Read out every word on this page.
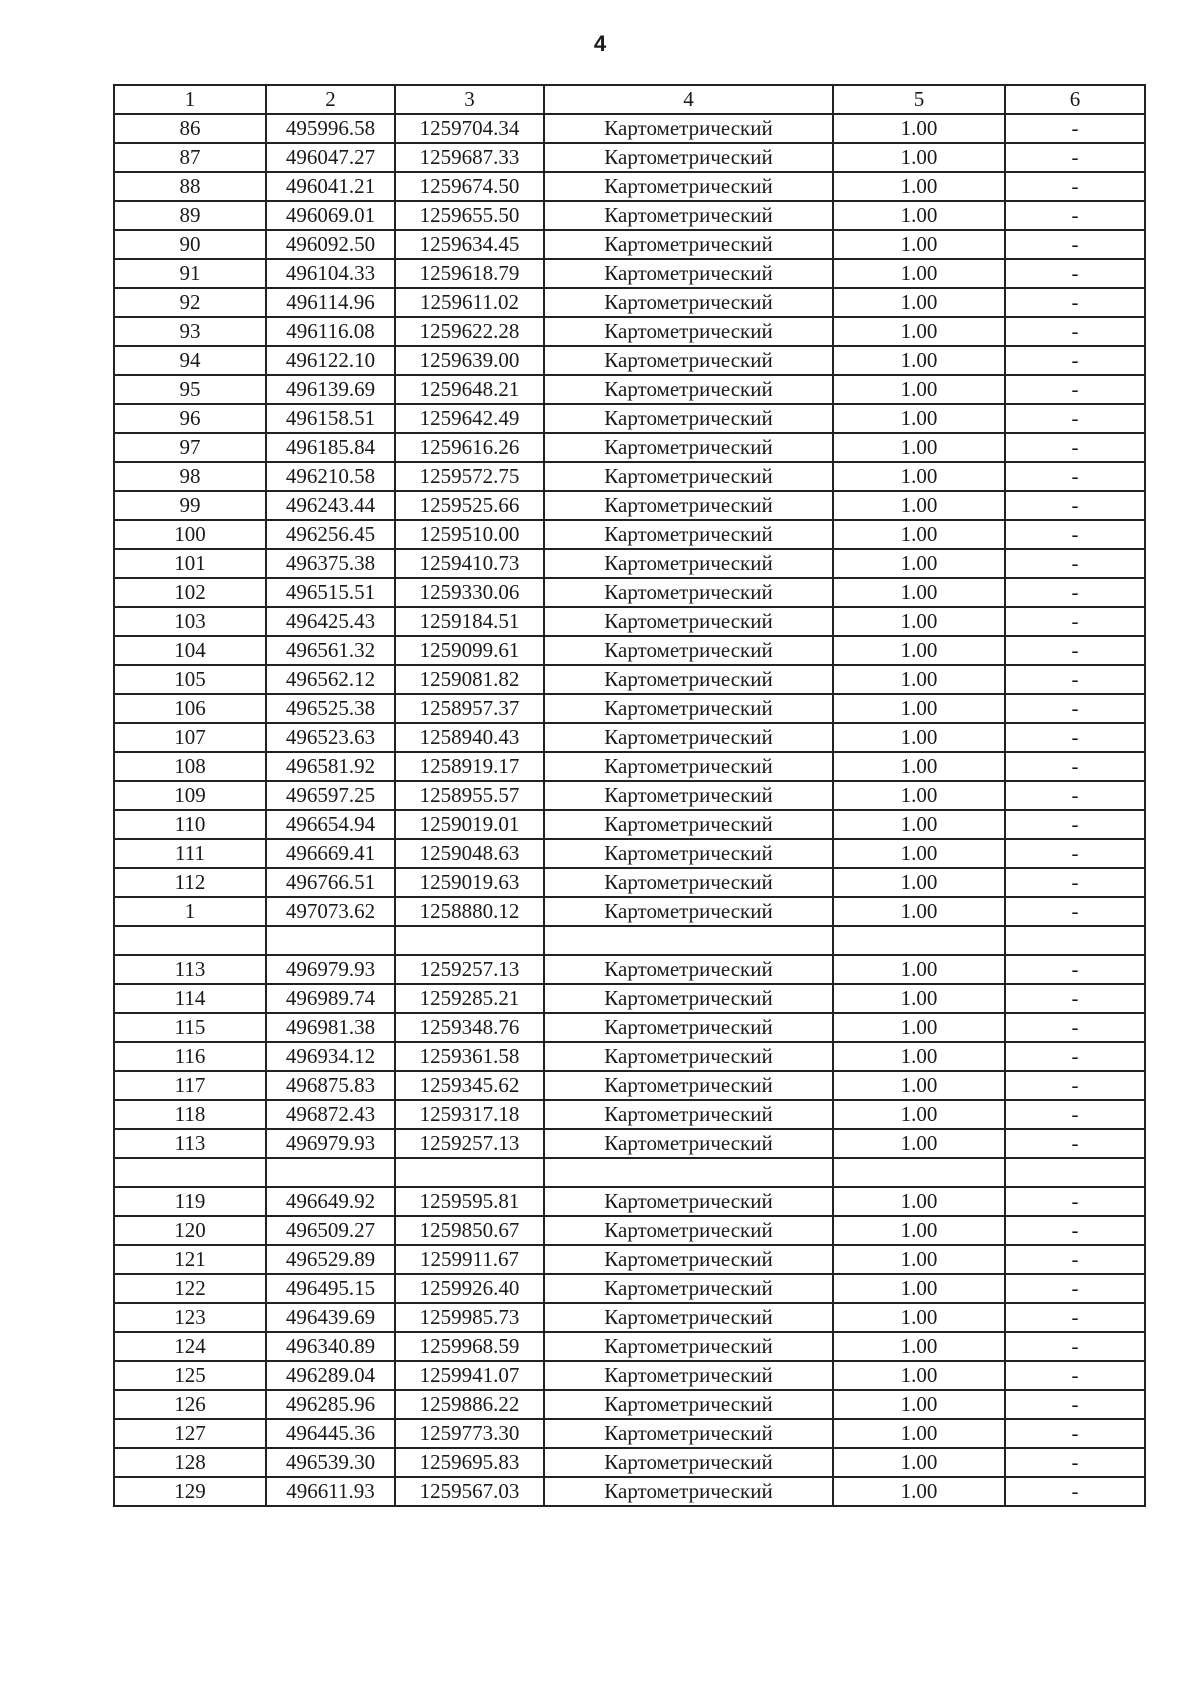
4
1	2	3	4	5	6
86	495996.58	1259704.34	Картометрический	1.00	-
87	496047.27	1259687.33	Картометрический	1.00	-
88	496041.21	1259674.50	Картометрический	1.00	-
89	496069.01	1259655.50	Картометрический	1.00	-
90	496092.50	1259634.45	Картометрический	1.00	-
91	496104.33	1259618.79	Картометрический	1.00	-
92	496114.96	1259611.02	Картометрический	1.00	-
93	496116.08	1259622.28	Картометрический	1.00	-
94	496122.10	1259639.00	Картометрический	1.00	-
95	496139.69	1259648.21	Картометрический	1.00	-
96	496158.51	1259642.49	Картометрический	1.00	-
97	496185.84	1259616.26	Картометрический	1.00	-
98	496210.58	1259572.75	Картометрический	1.00	-
99	496243.44	1259525.66	Картометрический	1.00	-
100	496256.45	1259510.00	Картометрический	1.00	-
101	496375.38	1259410.73	Картометрический	1.00	-
102	496515.51	1259330.06	Картометрический	1.00	-
103	496425.43	1259184.51	Картометрический	1.00	-
104	496561.32	1259099.61	Картометрический	1.00	-
105	496562.12	1259081.82	Картометрический	1.00	-
106	496525.38	1258957.37	Картометрический	1.00	-
107	496523.63	1258940.43	Картометрический	1.00	-
108	496581.92	1258919.17	Картометрический	1.00	-
109	496597.25	1258955.57	Картометрический	1.00	-
110	496654.94	1259019.01	Картометрический	1.00	-
111	496669.41	1259048.63	Картометрический	1.00	-
112	496766.51	1259019.63	Картометрический	1.00	-
1	497073.62	1258880.12	Картометрический	1.00	-

113	496979.93	1259257.13	Картометрический	1.00	-
114	496989.74	1259285.21	Картометрический	1.00	-
115	496981.38	1259348.76	Картометрический	1.00	-
116	496934.12	1259361.58	Картометрический	1.00	-
117	496875.83	1259345.62	Картометрический	1.00	-
118	496872.43	1259317.18	Картометрический	1.00	-
113	496979.93	1259257.13	Картометрический	1.00	-

119	496649.92	1259595.81	Картометрический	1.00	-
120	496509.27	1259850.67	Картометрический	1.00	-
121	496529.89	1259911.67	Картометрический	1.00	-
122	496495.15	1259926.40	Картометрический	1.00	-
123	496439.69	1259985.73	Картометрический	1.00	-
124	496340.89	1259968.59	Картометрический	1.00	-
125	496289.04	1259941.07	Картометрический	1.00	-
126	496285.96	1259886.22	Картометрический	1.00	-
127	496445.36	1259773.30	Картометрический	1.00	-
128	496539.30	1259695.83	Картометрический	1.00	-
129	496611.93	1259567.03	Картометрический	1.00	-
